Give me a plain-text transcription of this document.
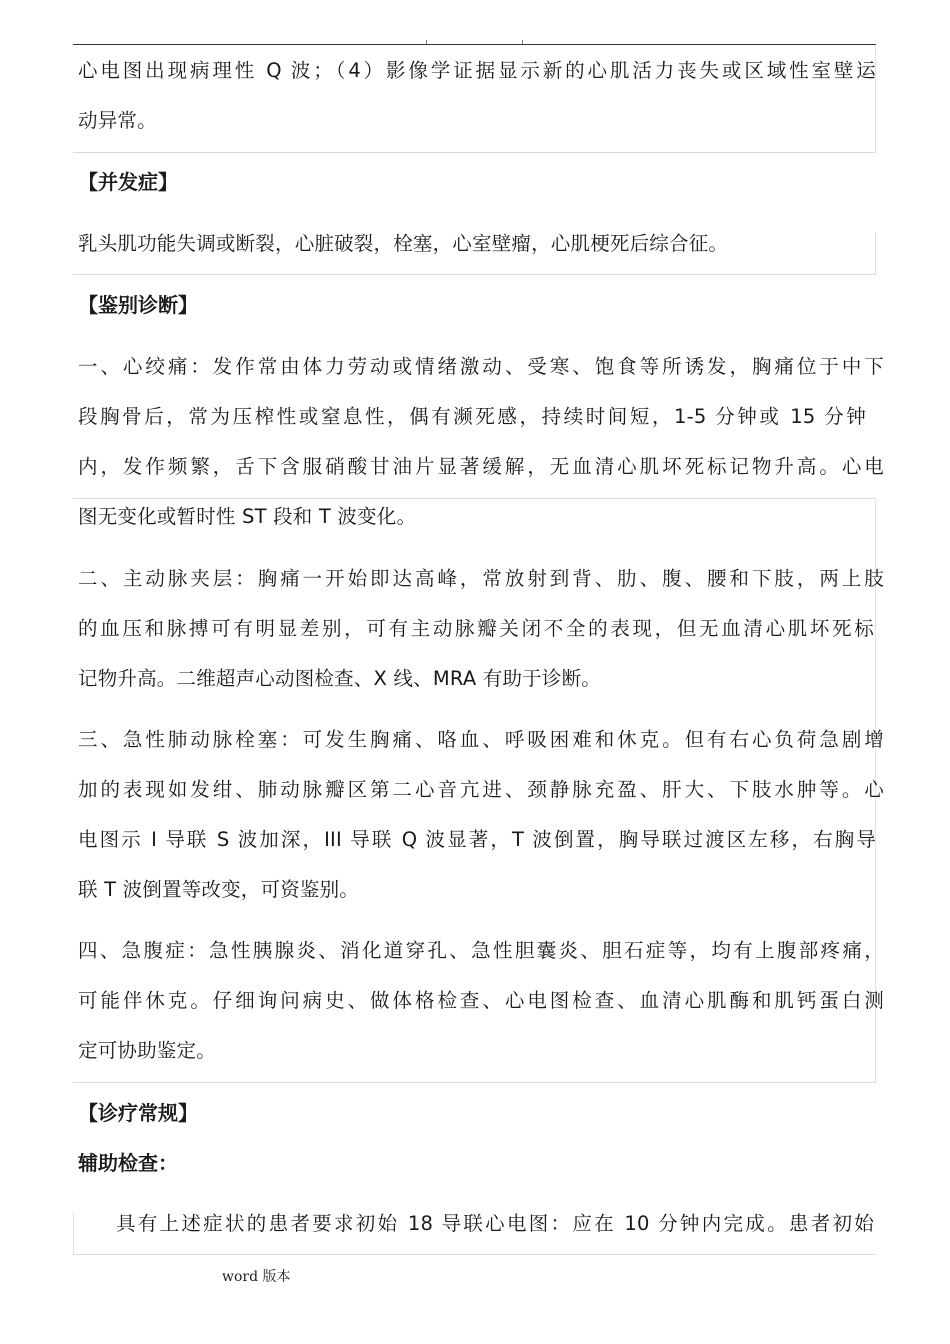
心电图出现病理性 Q 波；（4）影像学证据显示新的心肌活力丧失或区域性室壁运
动异常。
【并发症】
乳头肌功能失调或断裂，心脏破裂，栓塞，心室壁瘤，心肌梗死后综合征。
【鉴别诊断】
一、心绞痛：发作常由体力劳动或情绪激动、受寒、饱食等所诱发，胸痛位于中下
段胸骨后，常为压榨性或窒息性，偶有濒死感，持续时间短，1-5 分钟或 15 分钟
内，发作频繁，舌下含服硝酸甘油片显著缓解，无血清心肌坏死标记物升高。心电
图无变化或暂时性 ST 段和 T 波变化。
二、主动脉夹层：胸痛一开始即达高峰，常放射到背、肋、腹、腰和下肢，两上肢
的血压和脉搏可有明显差别，可有主动脉瓣关闭不全的表现，但无血清心肌坏死标
记物升高。二维超声心动图检查、X 线、MRA 有助于诊断。
三、急性肺动脉栓塞：可发生胸痛、咯血、呼吸困难和休克。但有右心负荷急剧增
加的表现如发绀、肺动脉瓣区第二心音亢进、颈静脉充盈、肝大、下肢水肿等。心
电图示 I 导联 S 波加深，III 导联 Q 波显著，T 波倒置，胸导联过渡区左移，右胸导
联 T 波倒置等改变，可资鉴别。
四、急腹症：急性胰腺炎、消化道穿孔、急性胆囊炎、胆石症等，均有上腹部疼痛，
可能伴休克。仔细询问病史、做体格检查、心电图检查、血清心肌酶和肌钙蛋白测
定可协助鉴定。
【诊疗常规】
辅助检查：
具有上述症状的患者要求初始 18 导联心电图：应在 10 分钟内完成。患者初始
word 版本
